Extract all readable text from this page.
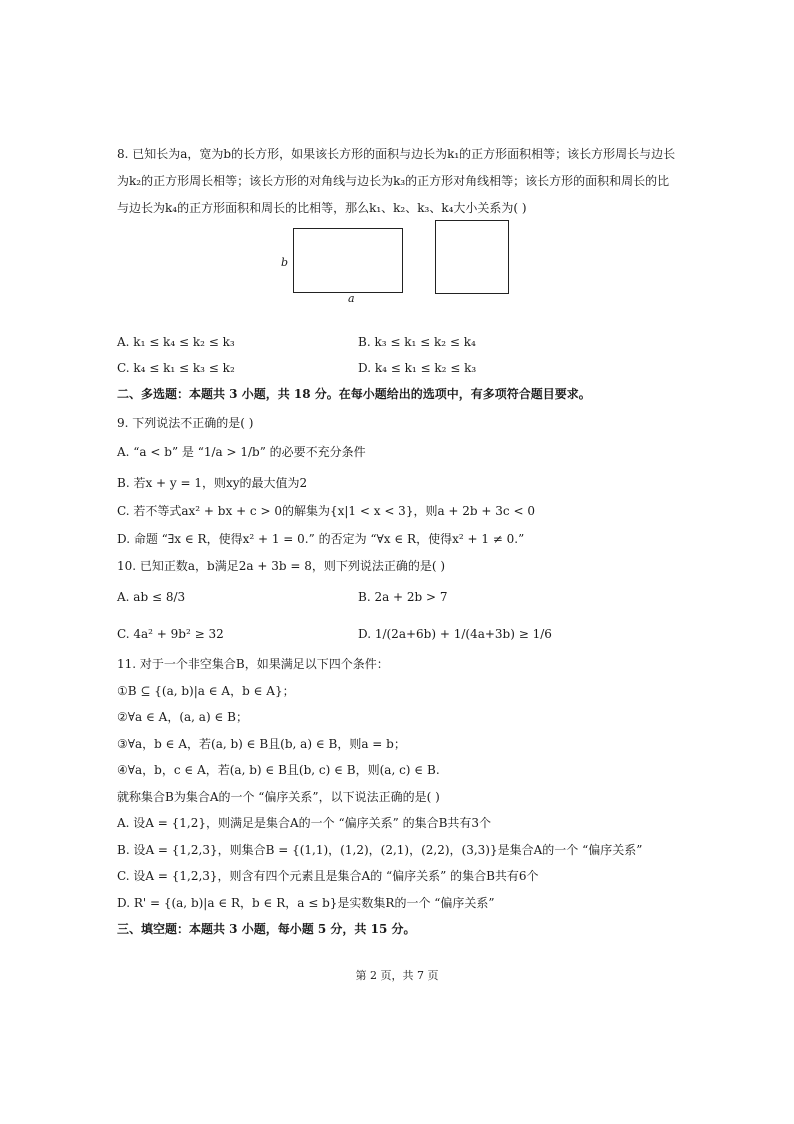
8. 已知长为a，宽为b的长方形，如果该长方形的面积与边长为k₁的正方形面积相等；该长方形周长与边长
为k₂的正方形周长相等；该长方形的对角线与边长为k₃的正方形对角线相等；该长方形的面积和周长的比
与边长为k₄的正方形面积和周长的比相等，那么k₁、k₂、k₃、k₄大小关系为( )
b
a
A. k₁ ≤ k₄ ≤ k₂ ≤ k₃	B. k₃ ≤ k₁ ≤ k₂ ≤ k₄
C. k₄ ≤ k₁ ≤ k₃ ≤ k₂	D. k₄ ≤ k₁ ≤ k₂ ≤ k₃
二、多选题：本题共 3 小题，共 18 分。在每小题给出的选项中，有多项符合题目要求。
9. 下列说法不正确的是( )
A. “a < b” 是 “1/a > 1/b” 的必要不充分条件
B. 若x + y = 1，则xy的最大值为2
C. 若不等式ax² + bx + c > 0的解集为{x|1 < x < 3}，则a + 2b + 3c < 0
D. 命题 “∃x ∈ R，使得x² + 1 = 0.” 的否定为 “∀x ∈ R，使得x² + 1 ≠ 0.”
10. 已知正数a，b满足2a + 3b = 8，则下列说法正确的是( )
A. ab ≤ 8/3	B. 2a + 2b > 7
C. 4a² + 9b² ≥ 32	D. 1/(2a+6b) + 1/(4a+3b) ≥ 1/6
11. 对于一个非空集合B，如果满足以下四个条件：
①B ⊆ {(a, b)|a ∈ A，b ∈ A}；
②∀a ∈ A，(a, a) ∈ B；
③∀a，b ∈ A，若(a, b) ∈ B且(b, a) ∈ B，则a = b；
④∀a，b，c ∈ A，若(a, b) ∈ B且(b, c) ∈ B，则(a, c) ∈ B.
就称集合B为集合A的一个 “偏序关系”，以下说法正确的是( )
A. 设A = {1,2}，则满足是集合A的一个 “偏序关系” 的集合B共有3个
B. 设A = {1,2,3}，则集合B = {(1,1)，(1,2)，(2,1)，(2,2)，(3,3)}是集合A的一个 “偏序关系”
C. 设A = {1,2,3}，则含有四个元素且是集合A的 “偏序关系” 的集合B共有6个
D. R' = {(a, b)|a ∈ R，b ∈ R，a ≤ b}是实数集R的一个 “偏序关系”
三、填空题：本题共 3 小题，每小题 5 分，共 15 分。
第 2 页，共 7 页
